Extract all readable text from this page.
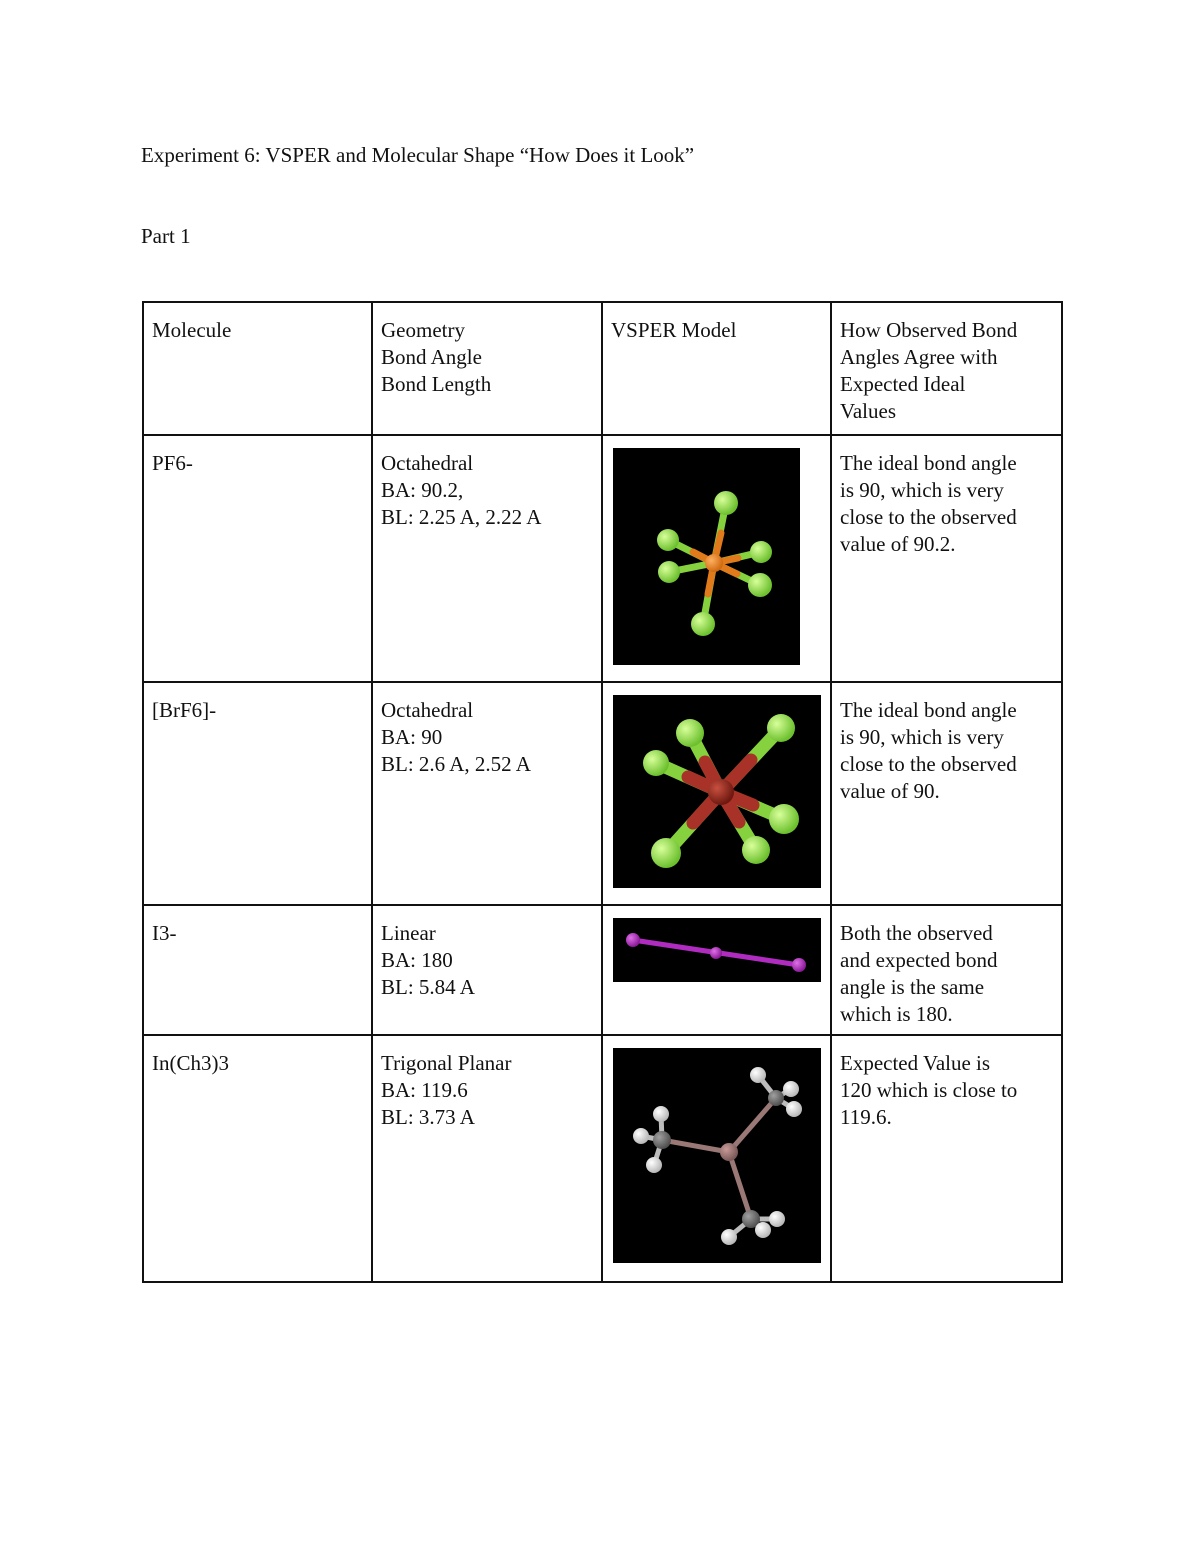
Experiment 6: VSPER and Molecular Shape “How Does it Look”
Part 1
Molecule	Geometry
Bond Angle
Bond Length	VSPER Model	How Observed Bond
Angles Agree with
Expected Ideal
Values

PF6-	Octahedral
BA: 90.2,
BL: 2.25 A, 2.22 A		The ideal bond angle
is 90, which is very
close to the observed
value of 90.2.

[BrF6]-	Octahedral
BA: 90
BL: 2.6 A, 2.52 A		The ideal bond angle
is 90, which is very
close to the observed
value of 90.

I3-	Linear
BA: 180
BL: 5.84 A		Both the observed
and expected bond
angle is the same
which is 180.

In(Ch3)3	Trigonal Planar
BA: 119.6
BL: 3.73 A		Expected Value is
120 which is close to
119.6.
